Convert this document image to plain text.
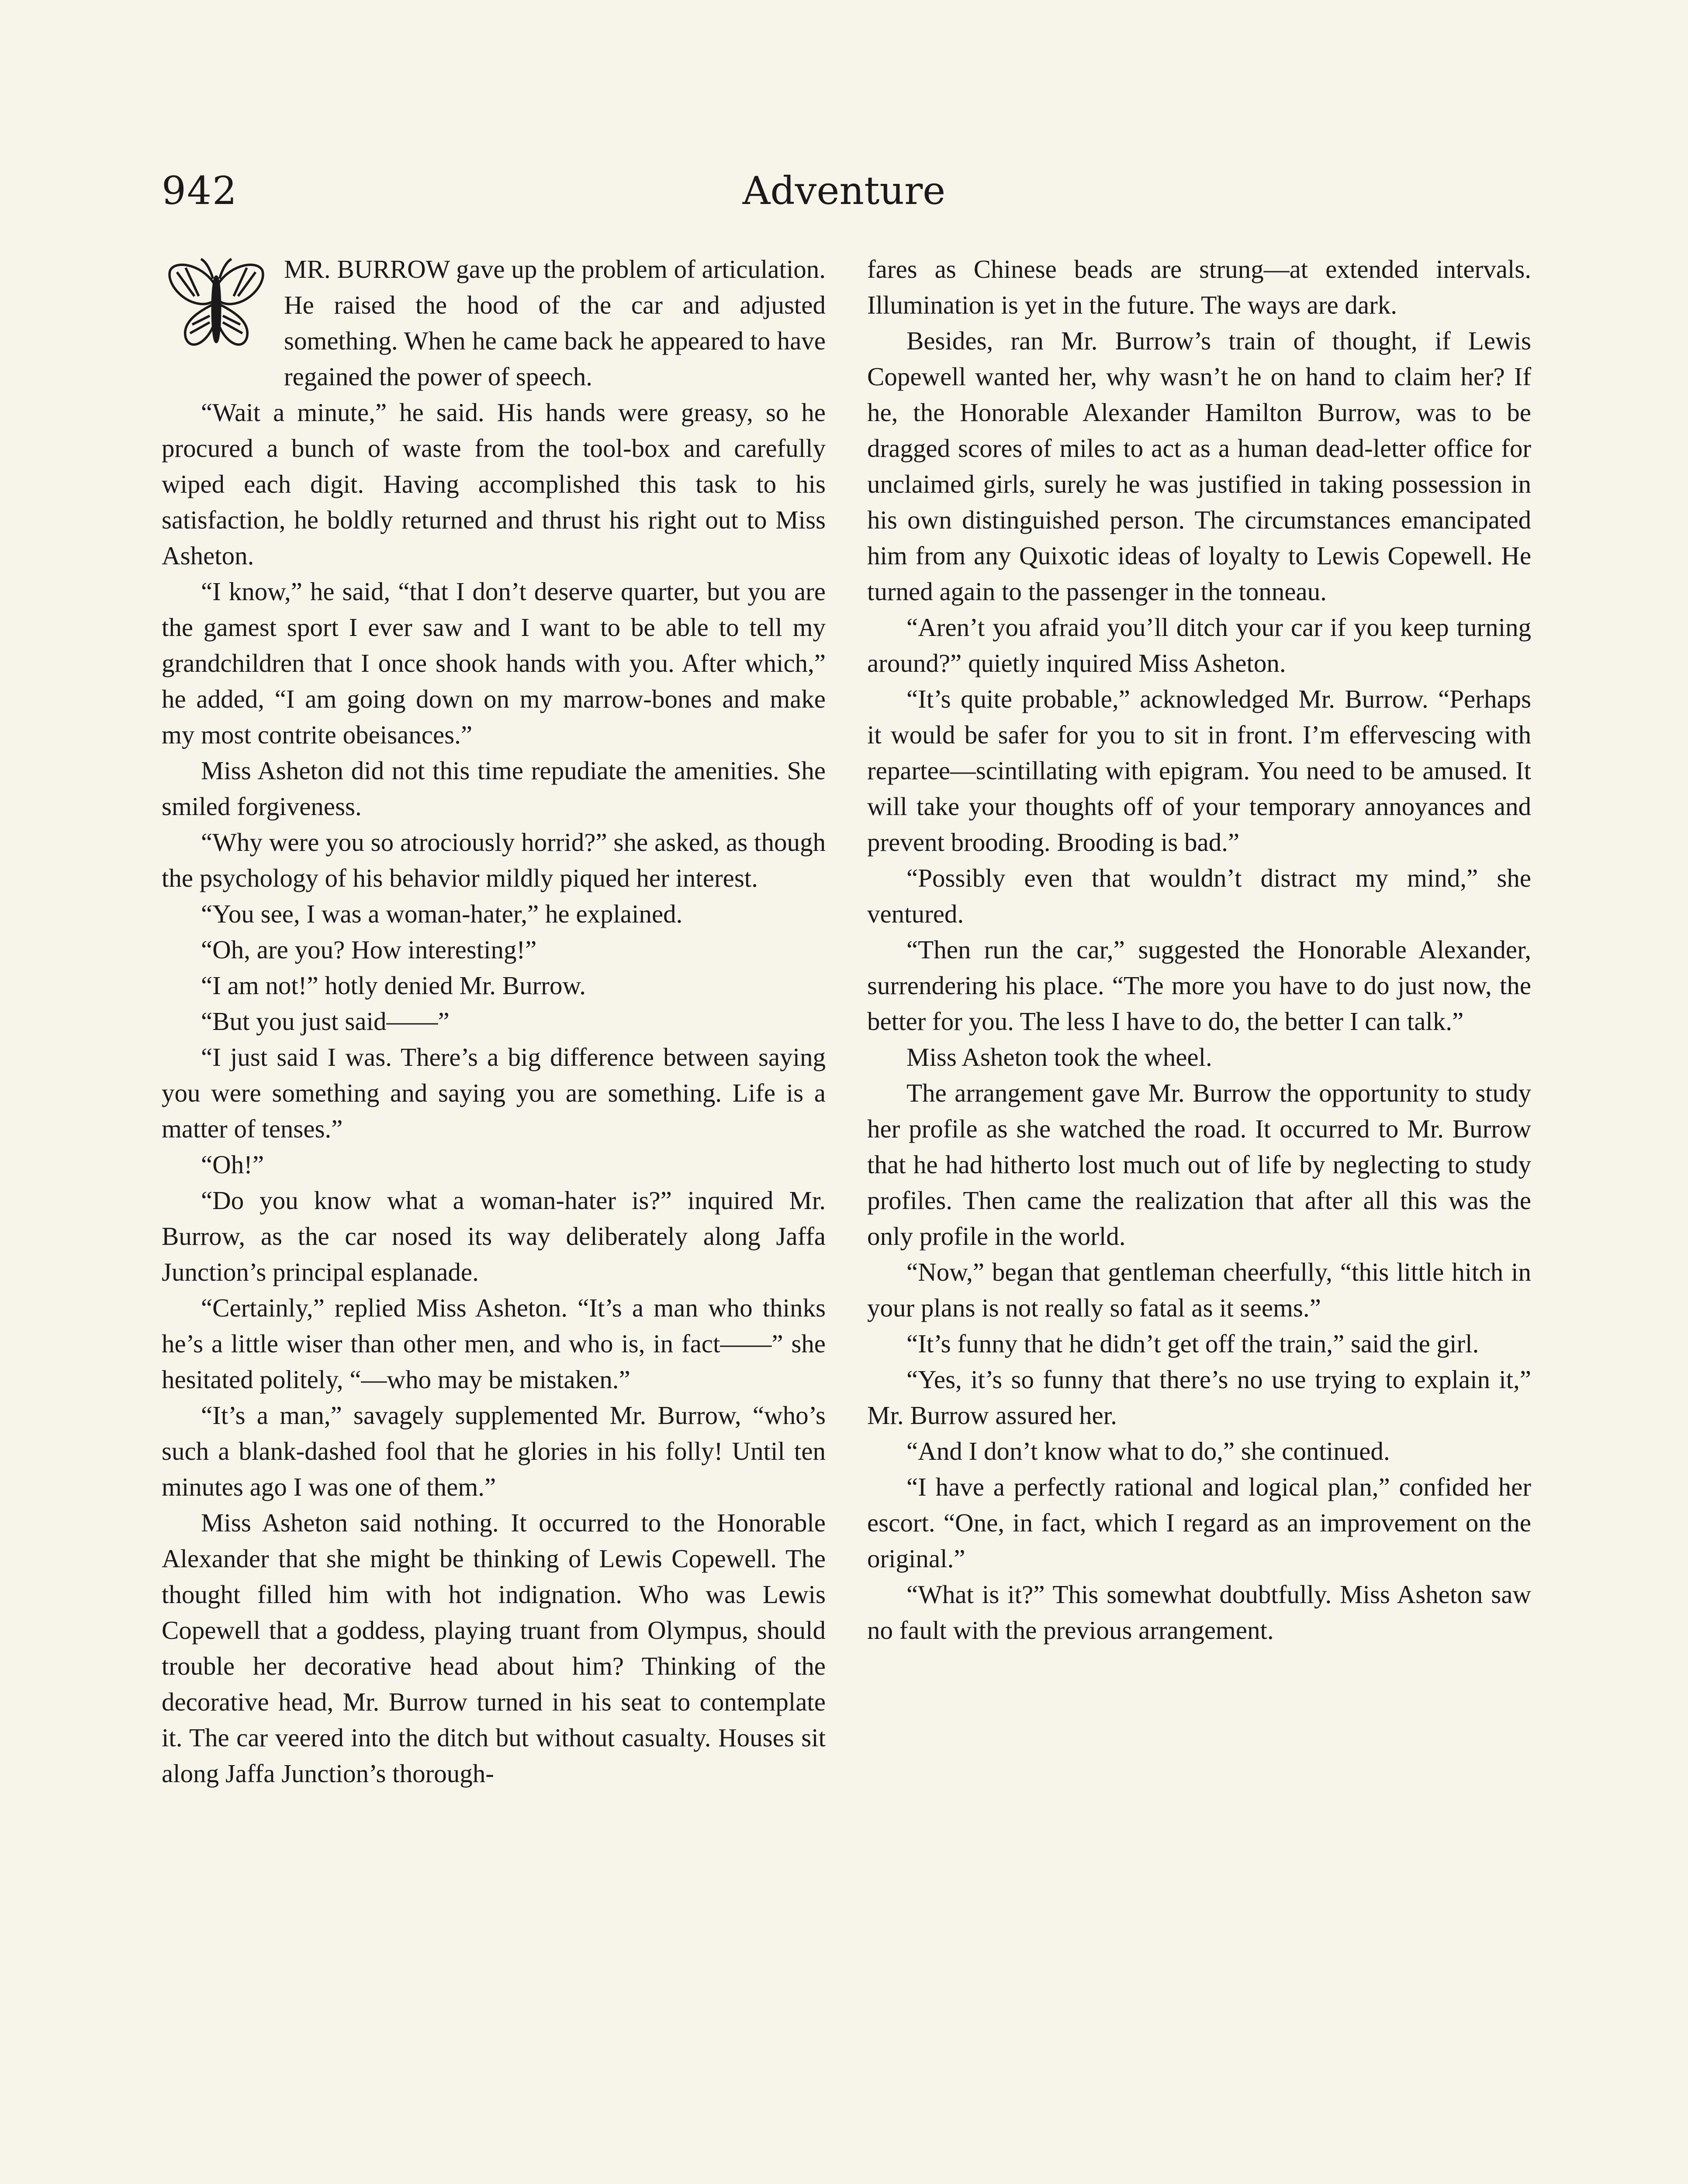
942	Adventure

MR. BURROW gave up the problem of articulation. He raised the hood of the car and adjusted something. When he came back he appeared to have regained the power of speech.

“Wait a minute,” he said. His hands were greasy, so he procured a bunch of waste from the tool-box and carefully wiped each digit. Having accomplished this task to his satisfaction, he boldly returned and thrust his right out to Miss Asheton.

“I know,” he said, “that I don’t deserve quarter, but you are the gamest sport I ever saw and I want to be able to tell my grandchildren that I once shook hands with you. After which,” he added, “I am going down on my marrow-bones and make my most contrite obeisances.”

Miss Asheton did not this time repudiate the amenities. She smiled forgiveness.

“Why were you so atrociously horrid?” she asked, as though the psychology of his behavior mildly piqued her interest.

“You see, I was a woman-hater,” he explained.

“Oh, are you? How interesting!”

“I am not!” hotly denied Mr. Burrow.

“But you just said——”

“I just said I was. There’s a big difference between saying you were something and saying you are something. Life is a matter of tenses.”

“Oh!”

“Do you know what a woman-hater is?” inquired Mr. Burrow, as the car nosed its way deliberately along Jaffa Junction’s principal esplanade.

“Certainly,” replied Miss Asheton. “It’s a man who thinks he’s a little wiser than other men, and who is, in fact——” she hesitated politely, “—who may be mistaken.”

“It’s a man,” savagely supplemented Mr. Burrow, “who’s such a blank-dashed fool that he glories in his folly! Until ten minutes ago I was one of them.”

Miss Asheton said nothing. It occurred to the Honorable Alexander that she might be thinking of Lewis Copewell. The thought filled him with hot indignation. Who was Lewis Copewell that a goddess, playing truant from Olympus, should trouble her decorative head about him? Thinking of the decorative head, Mr. Burrow turned in his seat to contemplate it. The car veered into the ditch but without casualty. Houses sit along Jaffa Junction’s thorough-

fares as Chinese beads are strung—at extended intervals. Illumination is yet in the future. The ways are dark.

Besides, ran Mr. Burrow’s train of thought, if Lewis Copewell wanted her, why wasn’t he on hand to claim her? If he, the Honorable Alexander Hamilton Burrow, was to be dragged scores of miles to act as a human dead-letter office for unclaimed girls, surely he was justified in taking possession in his own distinguished person. The circumstances emancipated him from any Quixotic ideas of loyalty to Lewis Copewell. He turned again to the passenger in the tonneau.

“Aren’t you afraid you’ll ditch your car if you keep turning around?” quietly inquired Miss Asheton.

“It’s quite probable,” acknowledged Mr. Burrow. “Perhaps it would be safer for you to sit in front. I’m effervescing with repartee—scintillating with epigram. You need to be amused. It will take your thoughts off of your temporary annoyances and prevent brooding. Brooding is bad.”

“Possibly even that wouldn’t distract my mind,” she ventured.

“Then run the car,” suggested the Honorable Alexander, surrendering his place. “The more you have to do just now, the better for you. The less I have to do, the better I can talk.”

Miss Asheton took the wheel.

The arrangement gave Mr. Burrow the opportunity to study her profile as she watched the road. It occurred to Mr. Burrow that he had hitherto lost much out of life by neglecting to study profiles. Then came the realization that after all this was the only profile in the world.

“Now,” began that gentleman cheerfully, “this little hitch in your plans is not really so fatal as it seems.”

“It’s funny that he didn’t get off the train,” said the girl.

“Yes, it’s so funny that there’s no use trying to explain it,” Mr. Burrow assured her.

“And I don’t know what to do,” she continued.

“I have a perfectly rational and logical plan,” confided her escort. “One, in fact, which I regard as an improvement on the original.”

“What is it?” This somewhat doubtfully. Miss Asheton saw no fault with the previous arrangement.
